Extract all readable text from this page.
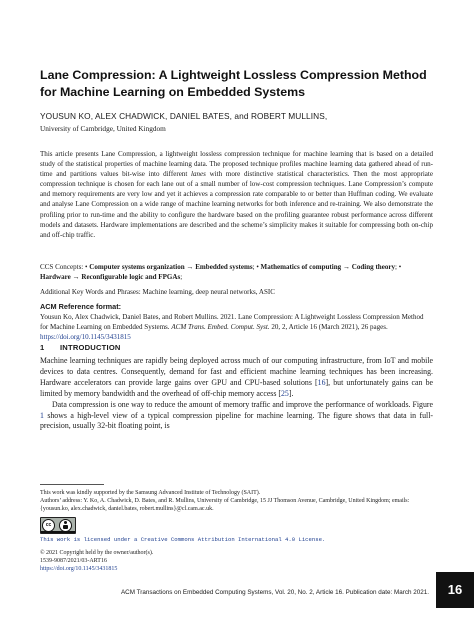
Lane Compression: A Lightweight Lossless Compression Method for Machine Learning on Embedded Systems
YOUSUN KO, ALEX CHADWICK, DANIEL BATES, and ROBERT MULLINS,
University of Cambridge, United Kingdom

This article presents Lane Compression, a lightweight lossless compression technique for machine learning that is based on a detailed study of the statistical properties of machine learning data. The proposed technique profiles machine learning data gathered ahead of run-time and partitions values bit-wise into different lanes with more distinctive statistical characteristics. Then the most appropriate compression technique is chosen for each lane out of a small number of low-cost compression techniques. Lane Compression’s compute and memory requirements are very low and yet it achieves a compression rate comparable to or better than Huffman coding. We evaluate and analyse Lane Compression on a wide range of machine learning networks for both inference and re-training. We also demonstrate the profiling prior to run-time and the ability to configure the hardware based on the profiling guarantee robust performance across different models and datasets. Hardware implementations are described and the scheme’s simplicity makes it suitable for compressing both on-chip and off-chip traffic.

CCS Concepts: • Computer systems organization → Embedded systems; • Mathematics of computing → Coding theory; • Hardware → Reconfigurable logic and FPGAs;
Additional Key Words and Phrases: Machine learning, deep neural networks, ASIC
ACM Reference format:
Yousun Ko, Alex Chadwick, Daniel Bates, and Robert Mullins. 2021. Lane Compression: A Lightweight Lossless Compression Method for Machine Learning on Embedded Systems. ACM Trans. Embed. Comput. Syst. 20, 2, Article 16 (March 2021), 26 pages.
https://doi.org/10.1145/3431815
1 INTRODUCTION

Machine learning techniques are rapidly being deployed across much of our computing infrastructure, from IoT and mobile devices to data centres. Consequently, demand for fast and efficient machine learning techniques has been increasing. Hardware accelerators can provide large gains over GPU and CPU-based solutions [16], but unfortunately gains can be limited by memory bandwidth and the overhead of off-chip memory access [25].

Data compression is one way to reduce the amount of memory traffic and improve the performance of workloads. Figure 1 shows a high-level view of a typical compression pipeline for machine learning. The figure shows that data in full-precision, usually 32-bit floating point, is

This work was kindly supported by the Samsung Advanced Institute of Technology (SAIT).

Authors’ address: Y. Ko, A. Chadwick, D. Bates, and R. Mullins, University of Cambridge, 15 JJ Thomson Avenue, Cambridge, United Kingdom; emails: {yousun.ko, alex.chadwick, daniel.bates, robert.mullins}@cl.cam.ac.uk.

cc
This work is licensed under a Creative Commons Attribution International 4.0 License.

© 2021 Copyright held by the owner/author(s).

1539-9087/2021/03-ART16

https://doi.org/10.1145/3431815

ACM Transactions on Embedded Computing Systems, Vol. 20, No. 2, Article 16. Publication date: March 2021.	16
